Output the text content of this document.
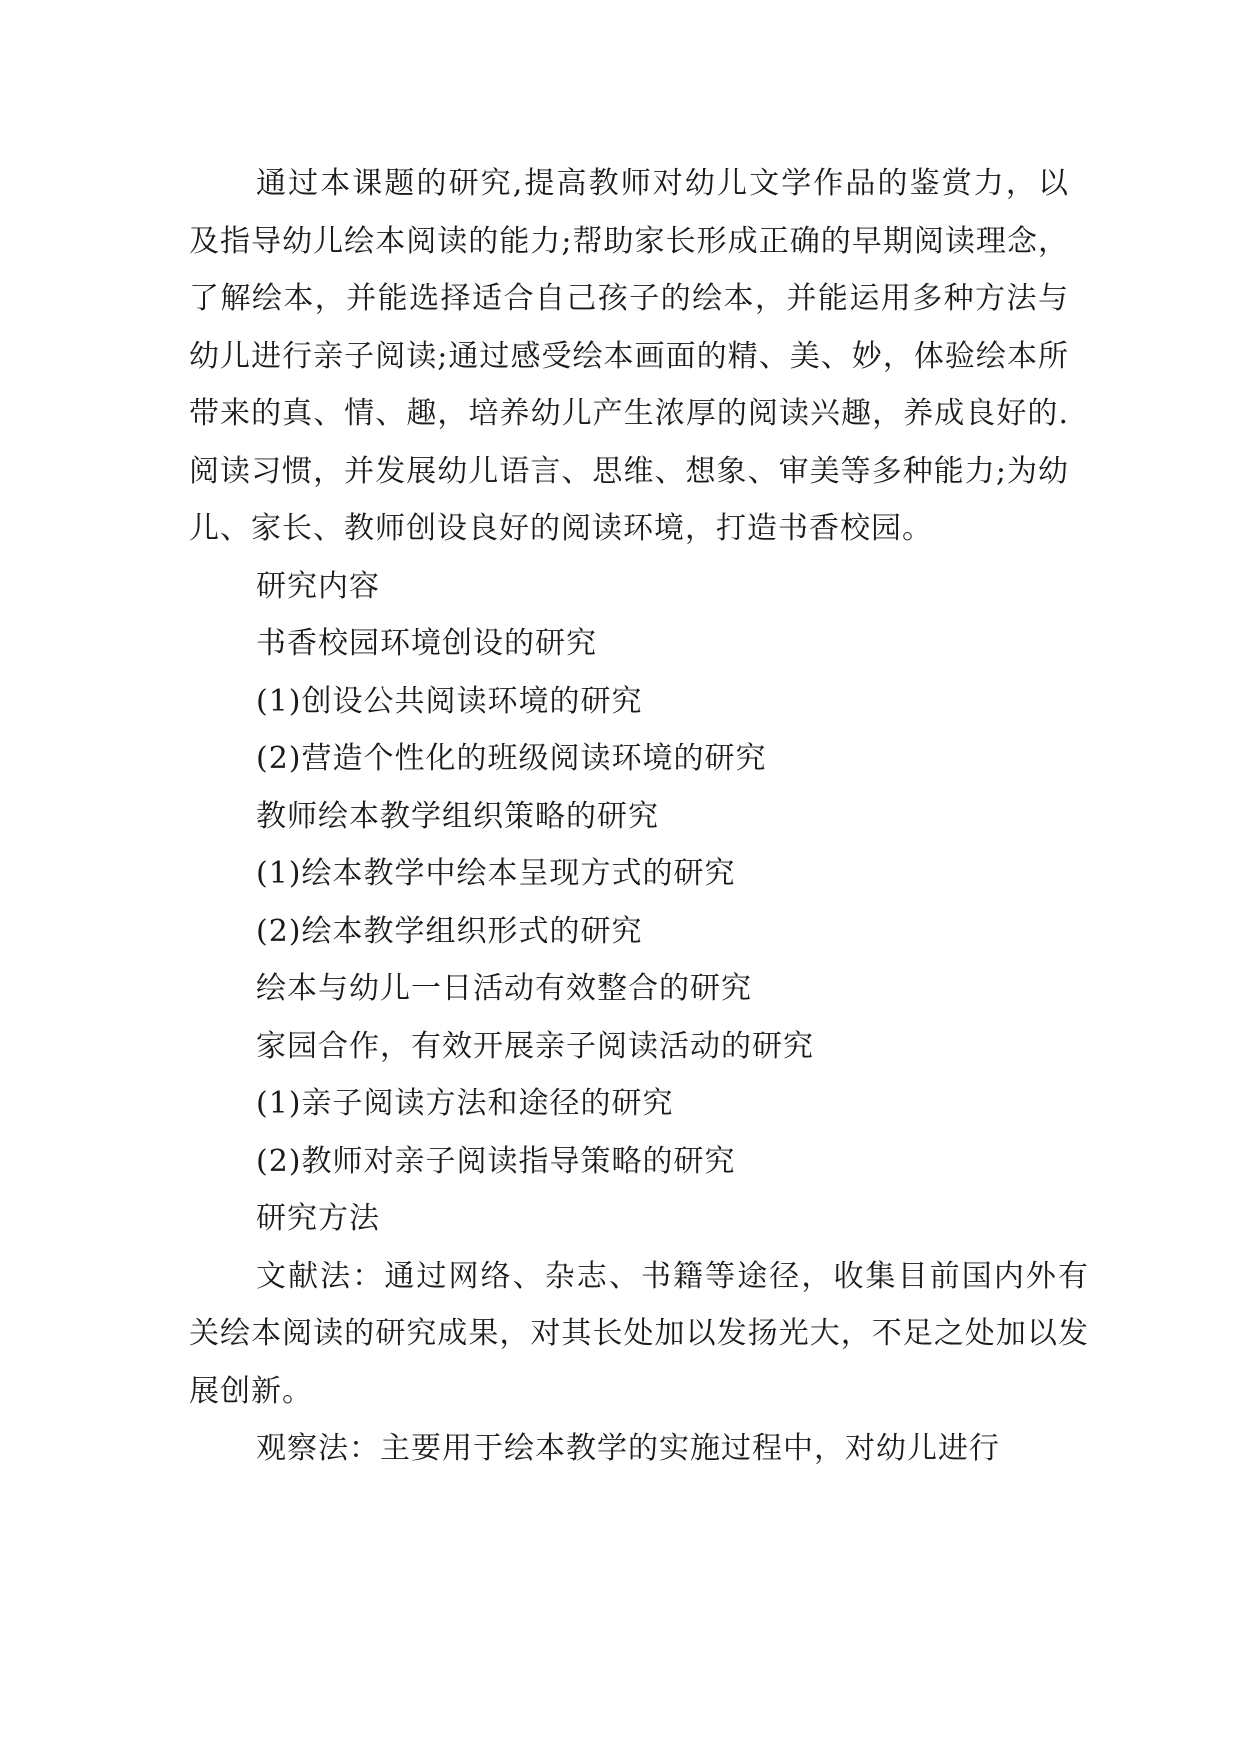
通过本课题的研究,提高教师对幼儿文学作品的鉴赏力，以及指导幼儿绘本阅读的能力;帮助家长形成正确的早期阅读理念，了解绘本，并能选择适合自己孩子的绘本，并能运用多种方法与幼儿进行亲子阅读;通过感受绘本画面的精、美、妙，体验绘本所带来的真、情、趣，培养幼儿产生浓厚的阅读兴趣，养成良好的.阅读习惯，并发展幼儿语言、思维、想象、审美等多种能力;为幼儿、家长、教师创设良好的阅读环境，打造书香校园。

研究内容

书香校园环境创设的研究

(1)创设公共阅读环境的研究

(2)营造个性化的班级阅读环境的研究

教师绘本教学组织策略的研究

(1)绘本教学中绘本呈现方式的研究

(2)绘本教学组织形式的研究

绘本与幼儿一日活动有效整合的研究

家园合作，有效开展亲子阅读活动的研究

(1)亲子阅读方法和途径的研究

(2)教师对亲子阅读指导策略的研究

研究方法

文献法：通过网络、杂志、书籍等途径，收集目前国内外有关绘本阅读的研究成果，对其长处加以发扬光大，不足之处加以发展创新。

观察法：主要用于绘本教学的实施过程中，对幼儿进行
